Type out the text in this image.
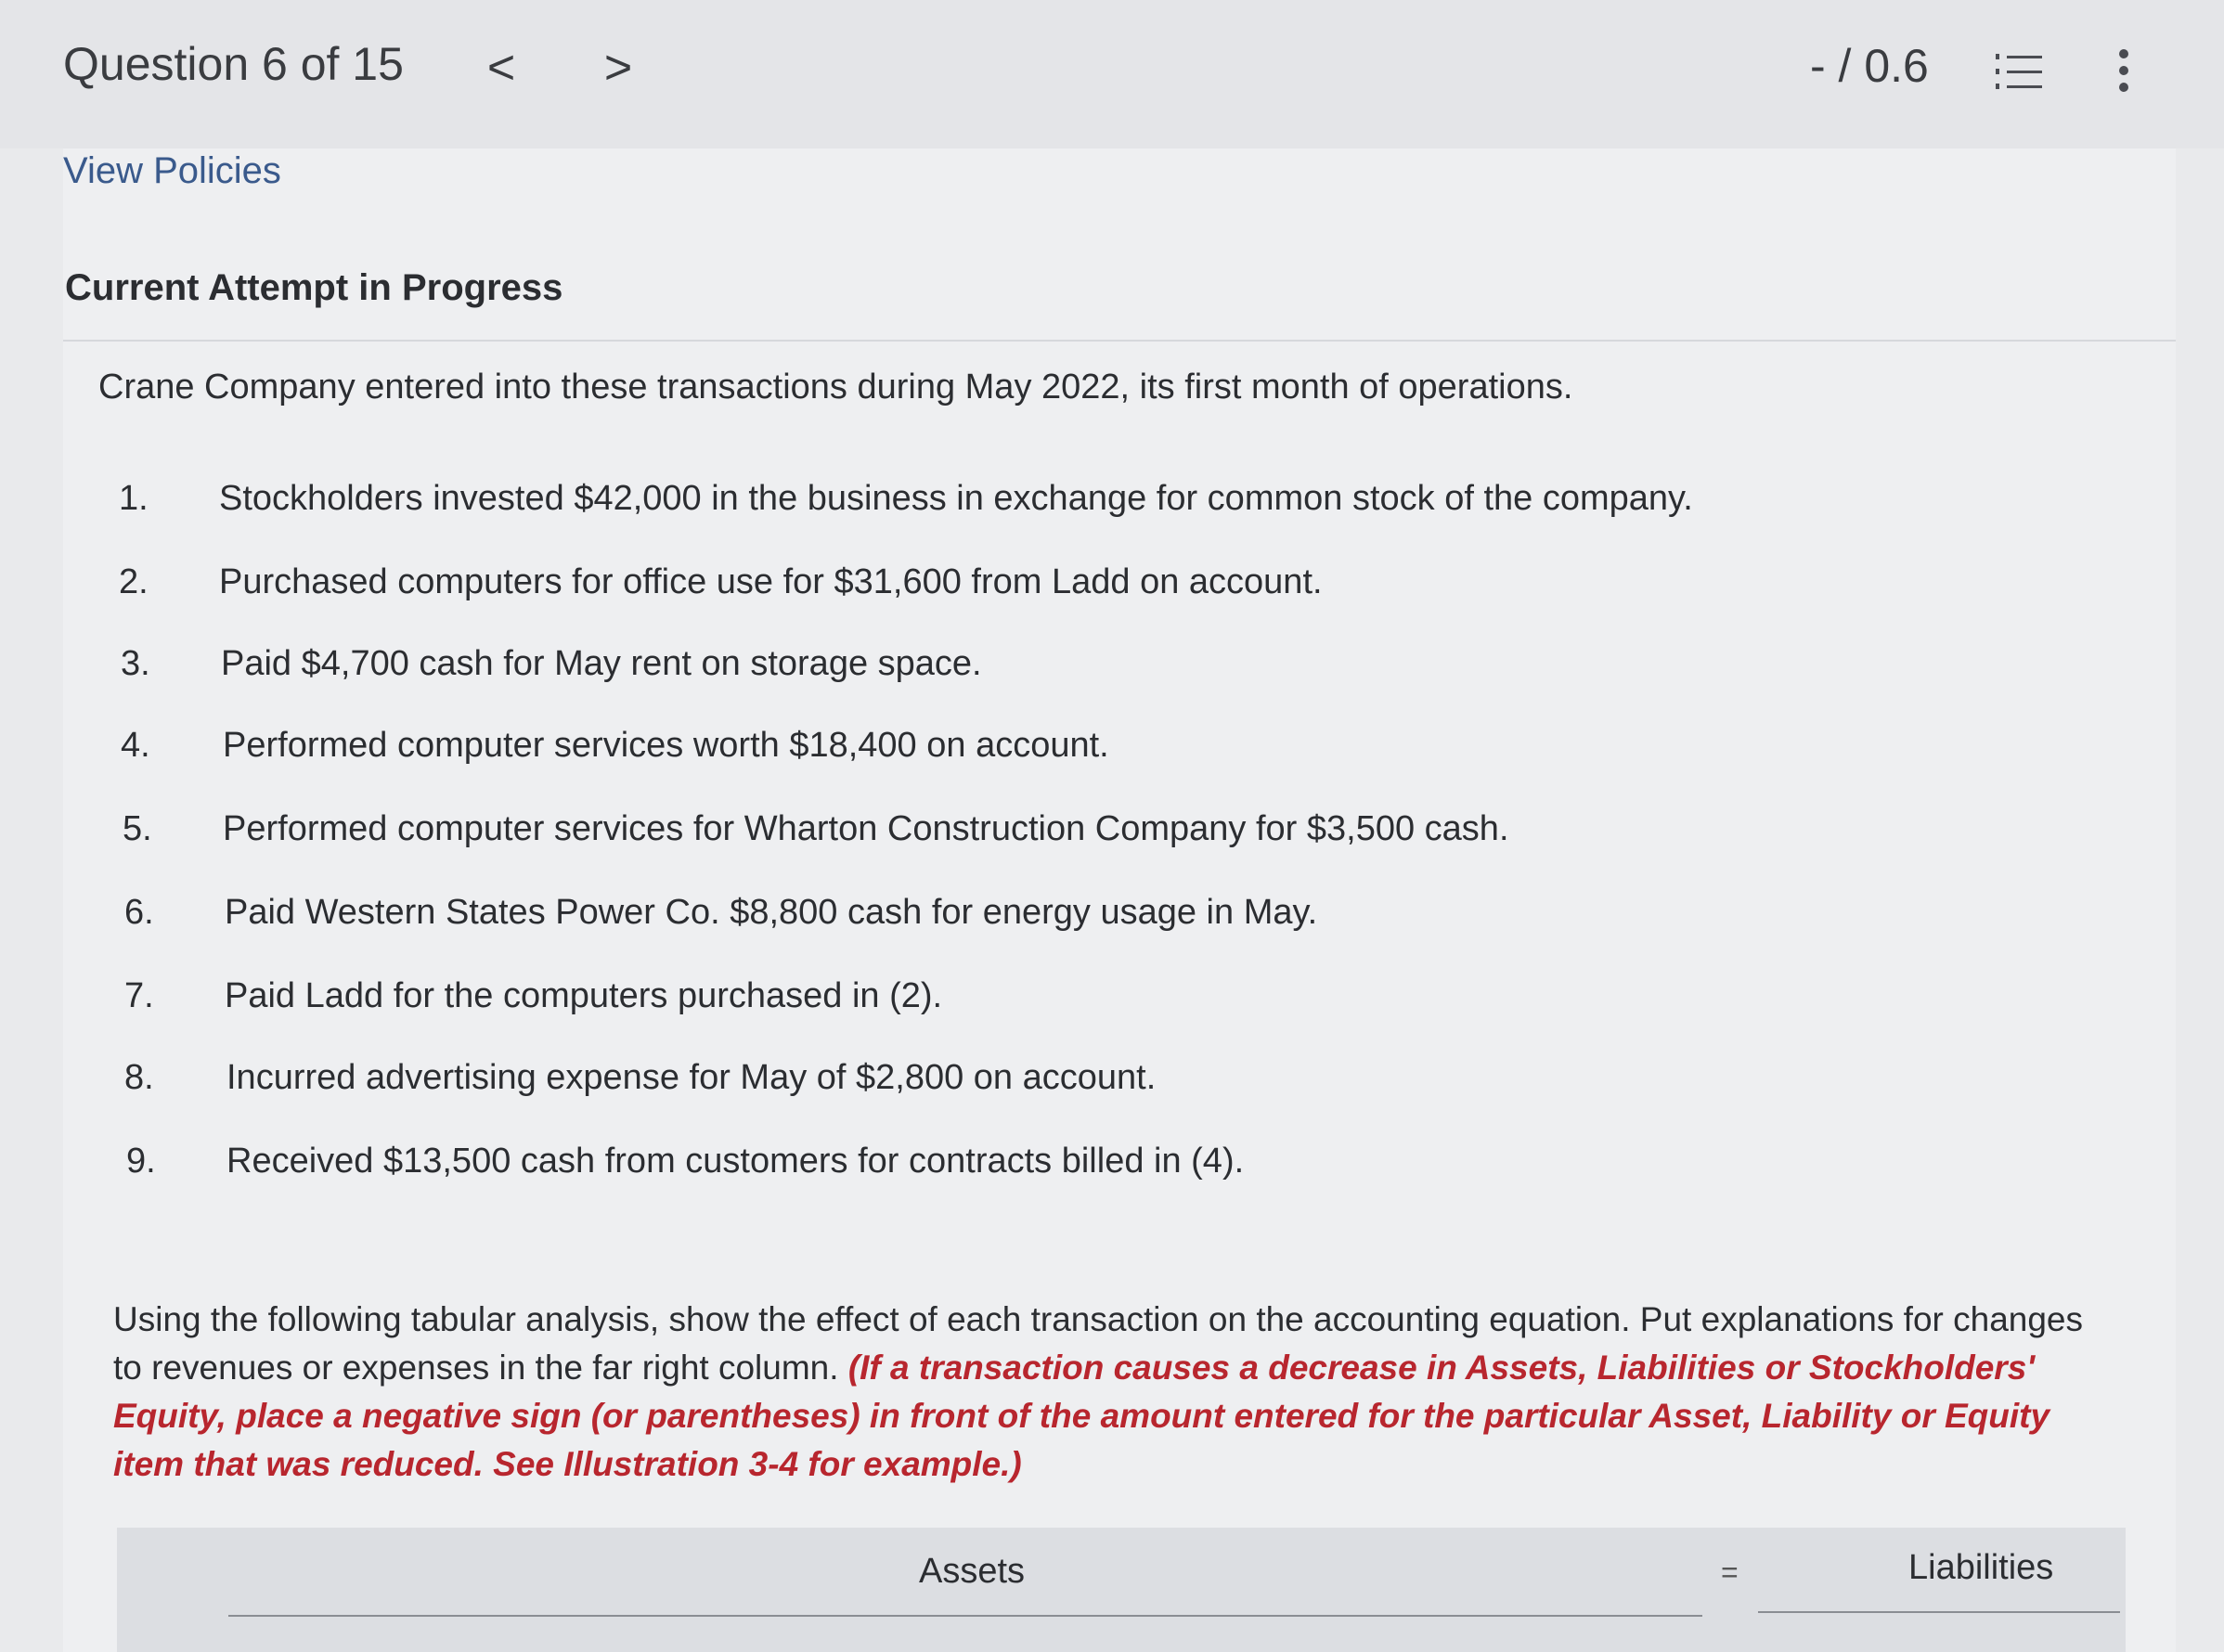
Question 6 of 15 < >	- / 0.6
View Policies
Current Attempt in Progress
Crane Company entered into these transactions during May 2022, its first month of operations.
1. Stockholders invested $42,000 in the business in exchange for common stock of the company.
2. Purchased computers for office use for $31,600 from Ladd on account.
3. Paid $4,700 cash for May rent on storage space.
4. Performed computer services worth $18,400 on account.
5. Performed computer services for Wharton Construction Company for $3,500 cash.
6. Paid Western States Power Co. $8,800 cash for energy usage in May.
7. Paid Ladd for the computers purchased in (2).
8. Incurred advertising expense for May of $2,800 on account.
9. Received $13,500 cash from customers for contracts billed in (4).
Using the following tabular analysis, show the effect of each transaction on the accounting equation. Put explanations for changes to revenues or expenses in the far right column. (If a transaction causes a decrease in Assets, Liabilities or Stockholders' Equity, place a negative sign (or parentheses) in front of the amount entered for the particular Asset, Liability or Equity item that was reduced. See Illustration 3-4 for example.)
Assets	=	Liabilities
